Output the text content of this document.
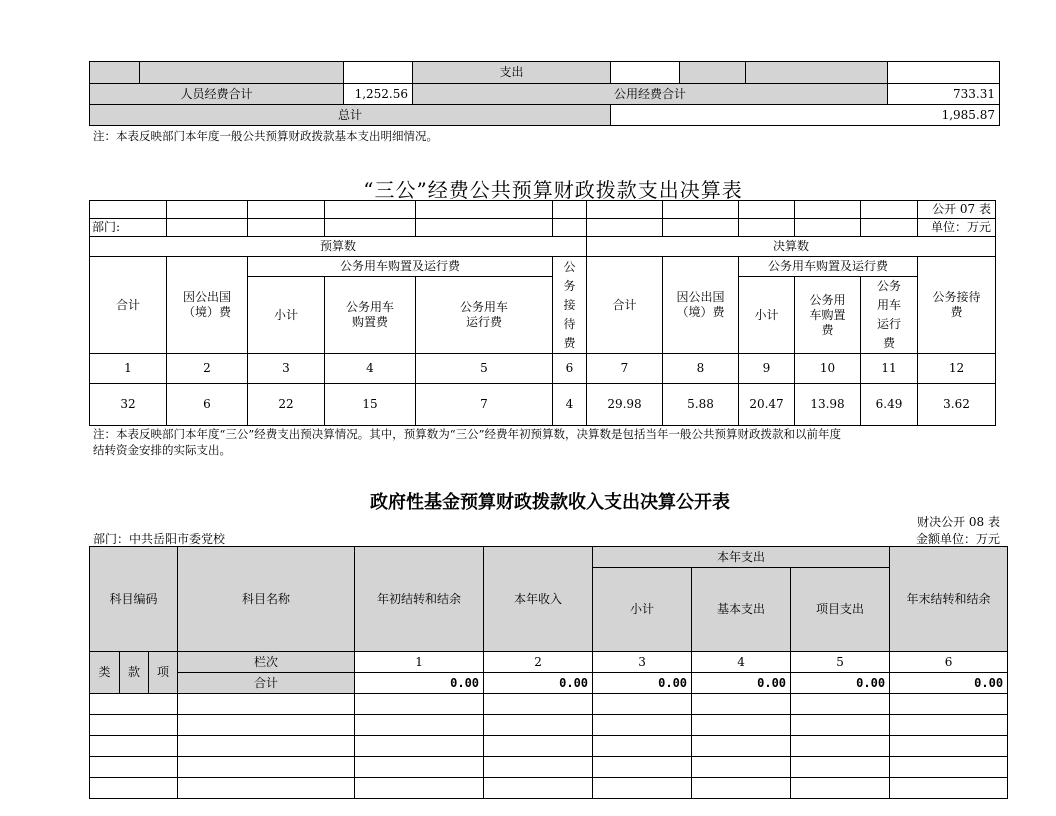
			支出				
人员经费合计		1,252.56	公用经费合计				733.31
总计				1,985.87			
注：本表反映部门本年度一般公共预算财政拨款基本支出明细情况。
“三公”经费公共预算财政拨款支出决算表
											公开 07 表
部门:											单位：万元
预算数						决算数					
合计	因公出国（境）费	公务用车购置及运行费			公务接待费	合计	因公出国（境）费	公务用车购置及运行费			公务接待费
		小计	公务用车购置费	公务用车运行费				小计	公务用车购置费	公务用车运行费	
1	2	3	4	5	6	7	8	9	10	11	12
32	6	22	15	7	4	29.98	5.88	20.47	13.98	6.49	3.62
注：本表反映部门本年度“三公”经费支出预决算情况。其中，预算数为“三公”经费年初预算数，决算数是包括当年一般公共预算财政拨款和以前年度
结转资金安排的实际支出。
政府性基金预算财政拨款收入支出决算公开表
财决公开 08 表
部门：中共岳阳市委党校	金额单位：万元
科目编码			科目名称	年初结转和结余	本年收入	本年支出			年末结转和结余
						小计	基本支出	项目支出	
类	款	项	栏次	1	2	3	4	5	6
			合计	0.00	0.00	0.00	0.00	0.00	0.00
